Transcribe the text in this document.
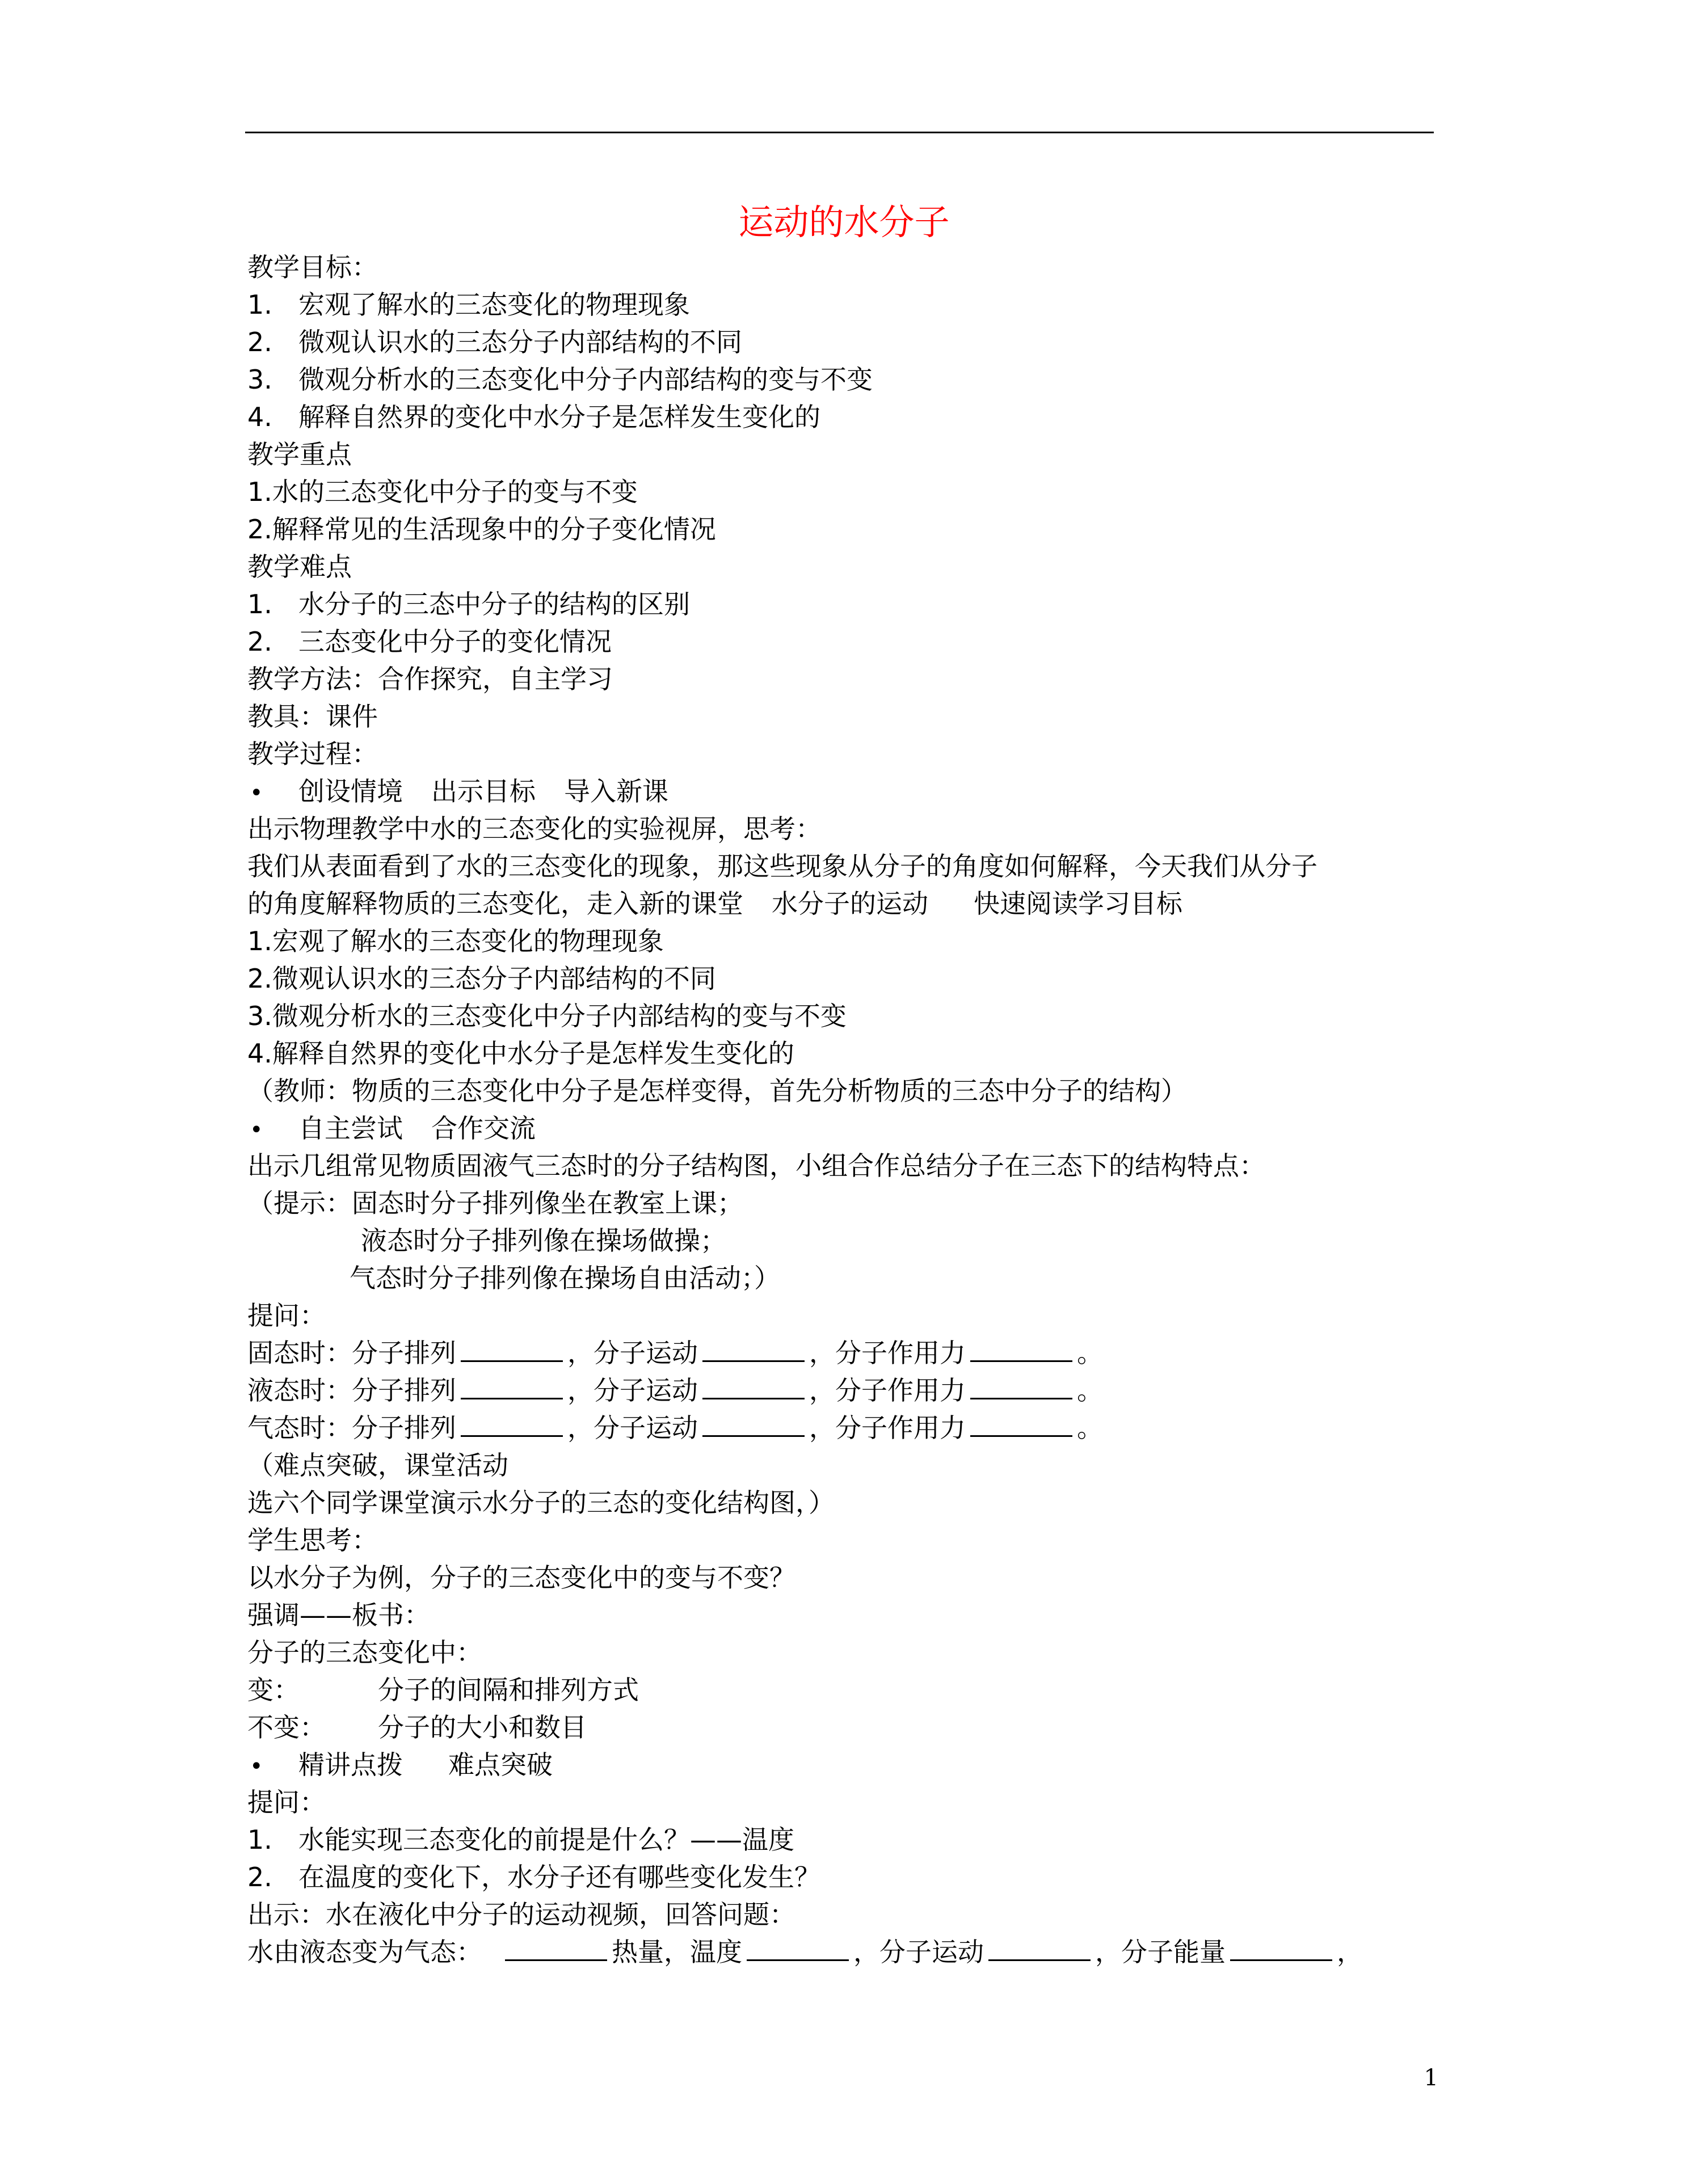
运动的水分子
教学目标：
1. 宏观了解水的三态变化的物理现象
2. 微观认识水的三态分子内部结构的不同
3. 微观分析水的三态变化中分子内部结构的变与不变
4. 解释自然界的变化中水分子是怎样发生变化的
教学重点
1.水的三态变化中分子的变与不变
2.解释常见的生活现象中的分子变化情况
教学难点
1. 水分子的三态中分子的结构的区别
2. 三态变化中分子的变化情况
教学方法：合作探究，自主学习
教具：课件
教学过程：
•创设情境 出示目标 导入新课
出示物理教学中水的三态变化的实验视屏，思考：
我们从表面看到了水的三态变化的现象，那这些现象从分子的角度如何解释，今天我们从分子
的角度解释物质的三态变化，走入新的课堂 水分子的运动 快速阅读学习目标
1.宏观了解水的三态变化的物理现象
2.微观认识水的三态分子内部结构的不同
3.微观分析水的三态变化中分子内部结构的变与不变
4.解释自然界的变化中水分子是怎样发生变化的
（教师：物质的三态变化中分子是怎样变得，首先分析物质的三态中分子的结构）
•自主尝试 合作交流
出示几组常见物质固液气三态时的分子结构图，小组合作总结分子在三态下的结构特点：
（提示：固态时分子排列像坐在教室上课；
液态时分子排列像在操场做操；
气态时分子排列像在操场自由活动；）
提问：
固态时：分子排列	，分子运动	，分子作用力	。
液态时：分子排列	，分子运动	，分子作用力	。
气态时：分子排列	，分子运动	，分子作用力	。
（难点突破，课堂活动
选六个同学课堂演示水分子的三态的变化结构图，）
学生思考：
以水分子为例，分子的三态变化中的变与不变？
强调——板书：
分子的三态变化中：
变：	分子的间隔和排列方式
不变： 分子的大小和数目
•精讲点拨 难点突破
提问：
1. 水能实现三态变化的前提是什么？——温度
2. 在温度的变化下，水分子还有哪些变化发生？
出示：水在液化中分子的运动视频，回答问题：
水由液态变为气态：	热量，温度	，分子运动	，分子能量	，
1
